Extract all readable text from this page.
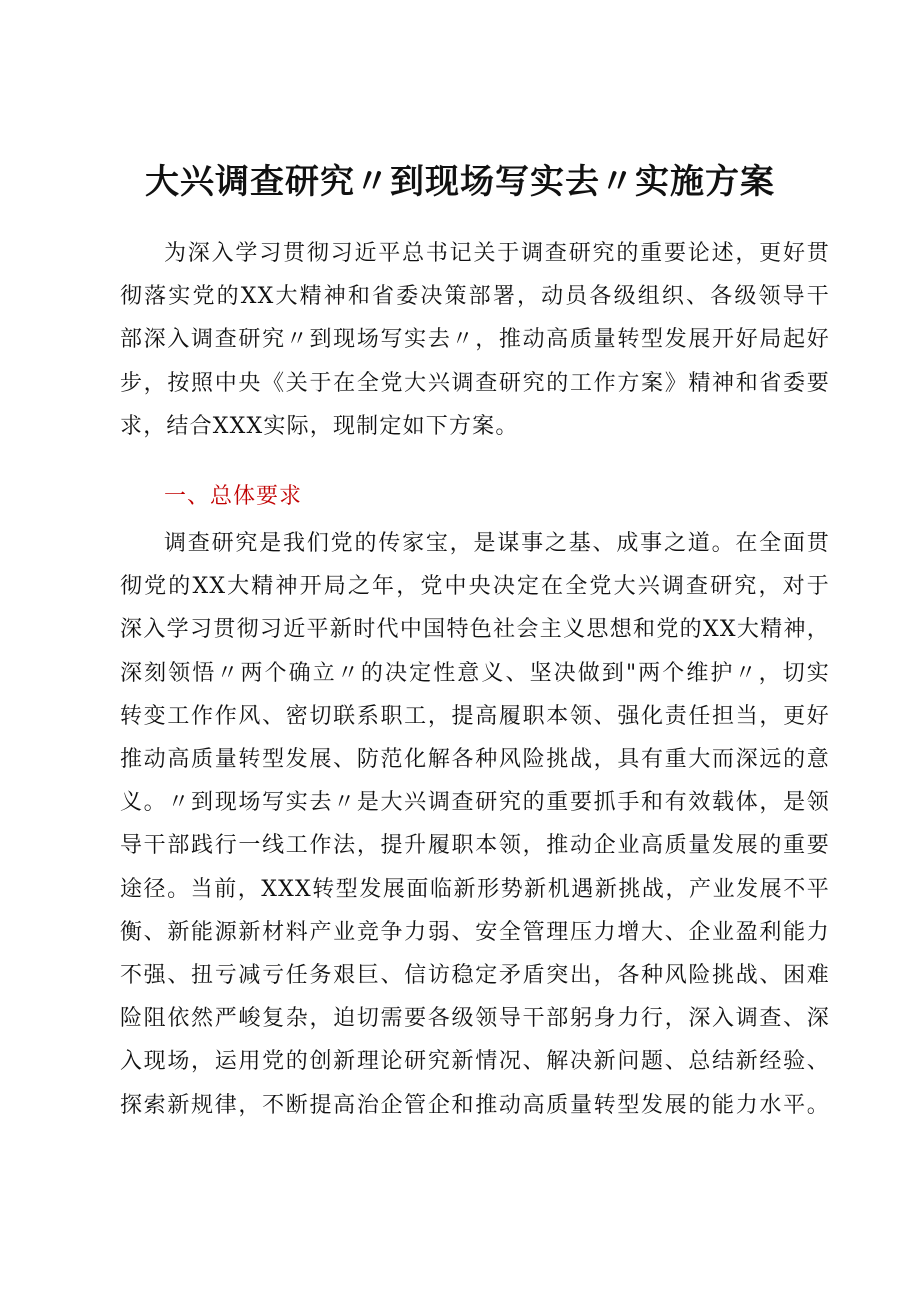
大兴调查研究〃到现场写实去〃实施方案
为深入学习贯彻习近平总书记关于调查研究的重要论述，更好贯
彻落实党的XX大精神和省委决策部署，动员各级组织、各级领导干
部深入调查研究〃到现场写实去〃，推动高质量转型发展开好局起好
步，按照中央《关于在全党大兴调查研究的工作方案》精神和省委要
求，结合XXX实际，现制定如下方案。
一、总体要求
调查研究是我们党的传家宝，是谋事之基、成事之道。在全面贯
彻党的XX大精神开局之年，党中央决定在全党大兴调查研究，对于
深入学习贯彻习近平新时代中国特色社会主义思想和党的XX大精神，
深刻领悟〃两个确立〃的决定性意义、坚决做到"两个维护〃，切实
转变工作作风、密切联系职工，提高履职本领、强化责任担当，更好
推动高质量转型发展、防范化解各种风险挑战，具有重大而深远的意
义。〃到现场写实去〃是大兴调查研究的重要抓手和有效载体，是领
导干部践行一线工作法，提升履职本领，推动企业高质量发展的重要
途径。当前，XXX转型发展面临新形势新机遇新挑战，产业发展不平
衡、新能源新材料产业竞争力弱、安全管理压力增大、企业盈利能力
不强、扭亏减亏任务艰巨、信访稳定矛盾突出，各种风险挑战、困难
险阻依然严峻复杂，迫切需要各级领导干部躬身力行，深入调查、深
入现场，运用党的创新理论研究新情况、解决新问题、总结新经验、
探索新规律，不断提高治企管企和推动高质量转型发展的能力水平。
